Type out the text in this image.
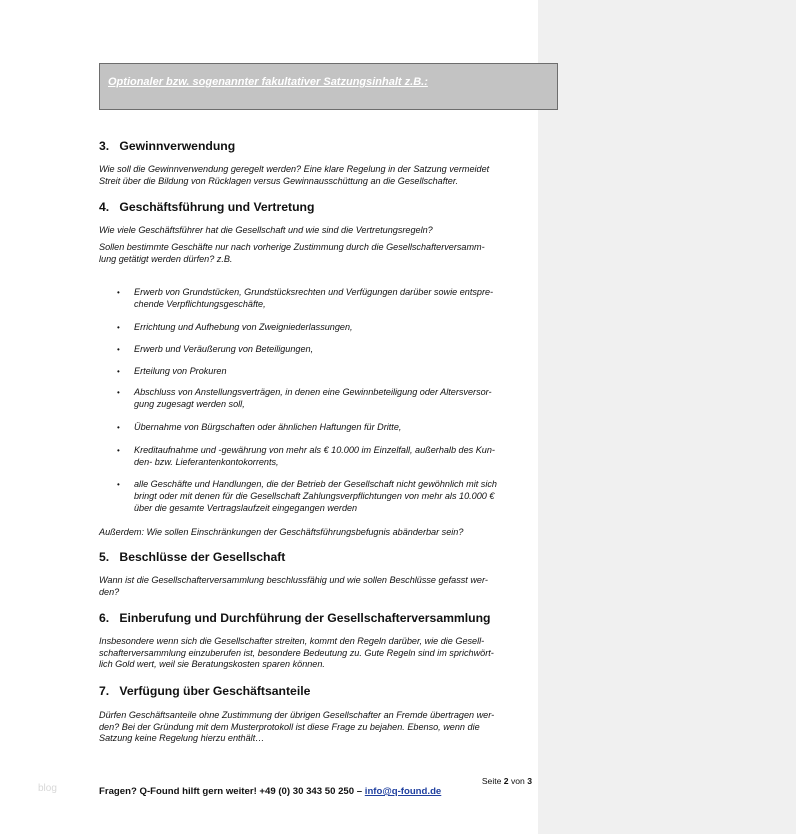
Optionaler bzw. sogenannter fakultativer Satzungsinhalt z.B.:
3. Gewinnverwendung
Wie soll die Gewinnverwendung geregelt werden? Eine klare Regelung in der Satzung vermeidet
Streit über die Bildung von Rücklagen versus Gewinnausschüttung an die Gesellschafter.
4. Geschäftsführung und Vertretung
Wie viele Geschäftsführer hat die Gesellschaft und wie sind die Vertretungsregeln?
Sollen bestimmte Geschäfte nur nach vorherige Zustimmung durch die Gesellschafterversamm-
lung getätigt werden dürfen? z.B.
• Erwerb von Grundstücken, Grundstücksrechten und Verfügungen darüber sowie entspre-
chende Verpflichtungsgeschäfte,
• Errichtung und Aufhebung von Zweigniederlassungen,
• Erwerb und Veräußerung von Beteiligungen,
• Erteilung von Prokuren
• Abschluss von Anstellungsverträgen, in denen eine Gewinnbeteiligung oder Altersversor-
gung zugesagt werden soll,
• Übernahme von Bürgschaften oder ähnlichen Haftungen für Dritte,
• Kreditaufnahme und -gewährung von mehr als € 10.000 im Einzelfall, außerhalb des Kun-
den- bzw. Lieferantenkontokorrents,
• alle Geschäfte und Handlungen, die der Betrieb der Gesellschaft nicht gewöhnlich mit sich
bringt oder mit denen für die Gesellschaft Zahlungsverpflichtungen von mehr als 10.000 €
über die gesamte Vertragslaufzeit eingegangen werden
Außerdem: Wie sollen Einschränkungen der Geschäftsführungsbefugnis abänderbar sein?
5. Beschlüsse der Gesellschaft
Wann ist die Gesellschafterversammlung beschlussfähig und wie sollen Beschlüsse gefasst wer-
den?
6. Einberufung und Durchführung der Gesellschafterversammlung
Insbesondere wenn sich die Gesellschafter streiten, kommt den Regeln darüber, wie die Gesell-
schafterversammlung einzuberufen ist, besondere Bedeutung zu. Gute Regeln sind im sprichwört-
lich Gold wert, weil sie Beratungskosten sparen können.
7. Verfügung über Geschäftsanteile
Dürfen Geschäftsanteile ohne Zustimmung der übrigen Gesellschafter an Fremde übertragen wer-
den? Bei der Gründung mit dem Musterprotokoll ist diese Frage zu bejahen. Ebenso, wenn die
Satzung keine Regelung hierzu enthält…
Seite 2 von 3
Fragen? Q-Found hilft gern weiter! +49 (0) 30 343 50 250 – info@q-found.de
blog
